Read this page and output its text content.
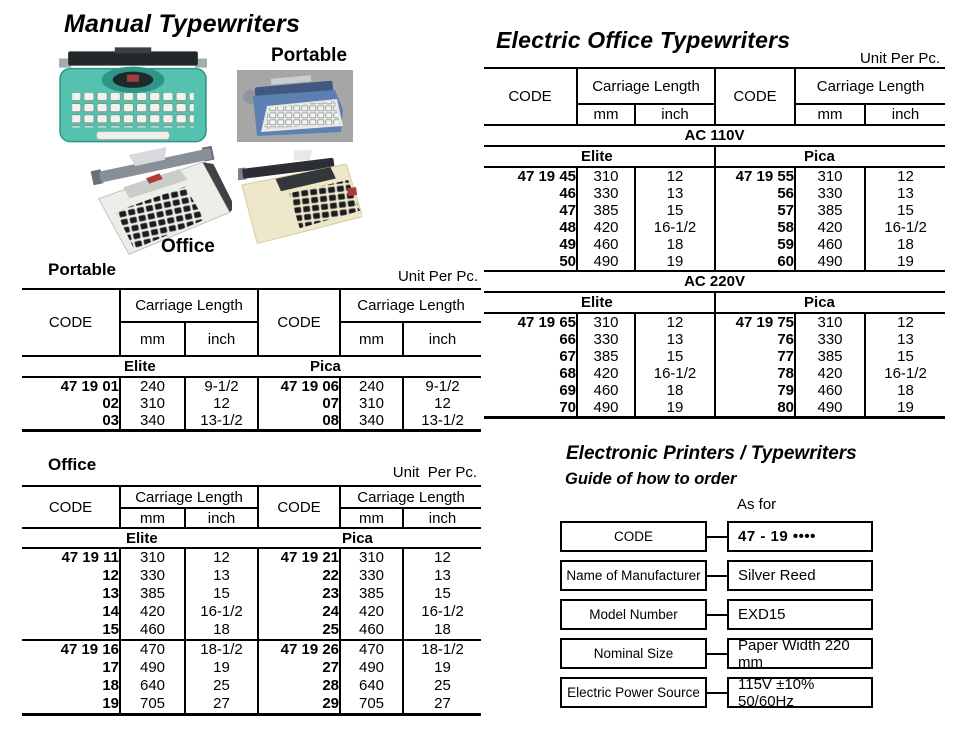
Manual Typewriters
Portable
Office
Portable	Unit Per Pc.
CODE	Carriage Length		CODE	Carriage Length	
	mm	inch		mm	inch
Elite			Pica		
47 19 01	240	9-1/2	47 19 06	240	9-1/2
02	310	12	07	310	12
03	340	13-1/2	08	340	13-1/2
Office	Unit  Per Pc.
CODE	Carriage Length		CODE	Carriage Length	
	mm	inch		mm	inch
Elite			Pica		
47 19 11	310	12	47 19 21	310	12
12	330	13	22	330	13
13	385	15	23	385	15
14	420	16-1/2	24	420	16-1/2
15	460	18	25	460	18
47 19 16	470	18-1/2	47 19 26	470	18-1/2
17	490	19	27	490	19
18	640	25	28	640	25
19	705	27	29	705	27
Electric Office Typewriters
Unit Per Pc.
CODE	Carriage Length		CODE	Carriage Length	
	mm	inch		mm	inch
AC 110V					
Elite			Pica		
47 19 45	310	12	47 19 55	310	12
46	330	13	56	330	13
47	385	15	57	385	15
48	420	16-1/2	58	420	16-1/2
49	460	18	59	460	18
50	490	19	60	490	19
AC 220V					
Elite			Pica		
47 19 65	310	12	47 19 75	310	12
66	330	13	76	330	13
67	385	15	77	385	15
68	420	16-1/2	78	420	16-1/2
69	460	18	79	460	18
70	490	19	80	490	19
Electronic Printers / Typewriters
Guide of how to order
As for
CODE	47 - 19 ••••
Name of Manufacturer	Silver Reed
Model Number	EXD15
Nominal Size	Paper Width 220 mm
Electric Power Source	115V ±10% 50/60Hz
